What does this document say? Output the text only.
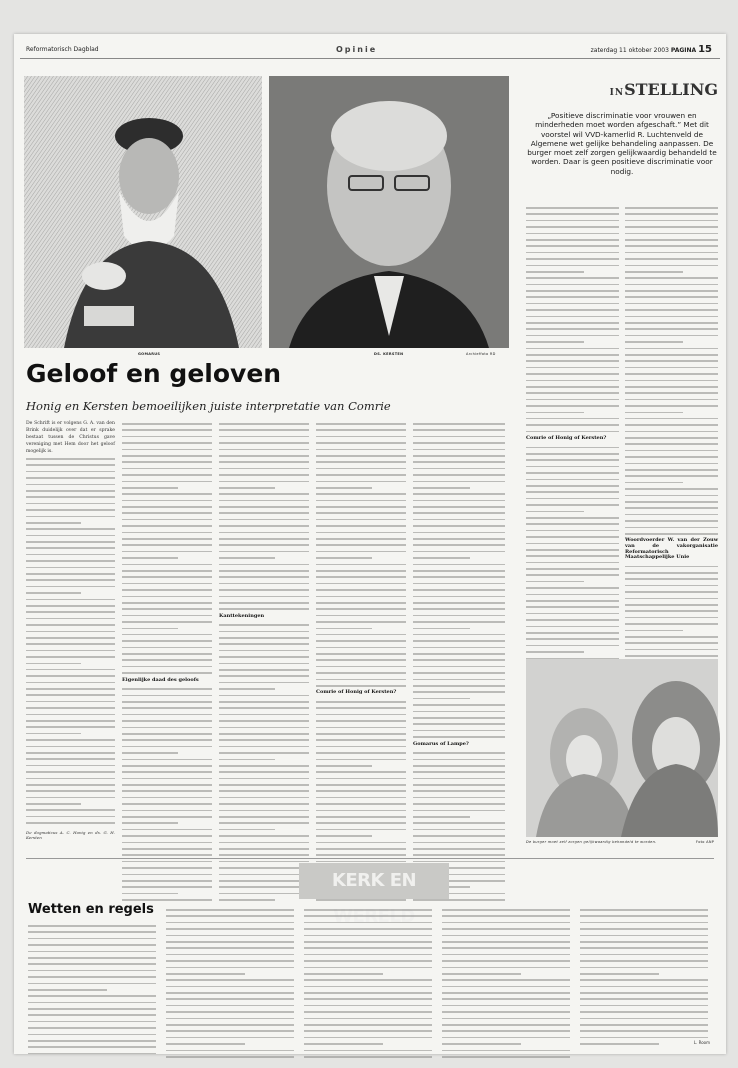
Reformatorisch Dagblad	Opinie	zaterdag 11 oktober 2003 PAGINA 15
GOMARUS	DS. KERSTEN	Archieffoto RD
INSTELLING
„Positieve discriminatie voor vrouwen en minderheden moet worden afgeschaft.” Met dit voorstel wil VVD-kamerlid R. Luchtenveld de Algemene wet gelijke behandeling aanpassen. De burger moet zelf zorgen gelijkwaardig behandeld te worden. Daar is geen positieve discriminatie voor nodig.
Geloof en geloven
Honig en Kersten bemoeilijken juiste interpretatie van Comrie
De Schrift is er volgens G. A. van den Brink duidelijk over dat er sprake bestaat tussen de Christus gave vereniging met Hem door het geloof mogelijk is.
De dogmaticus A. C. Honig en ds. G. H. Kersten
Eigenlijke daad des geloofs
Kanttekeningen
Comrie of Honig of Kersten?
Gomarus of Lampe?
Comrie of Honig of Kersten?
Woordvoerder W. van der Zouw van de vakorganisatie Reformatorisch Maatschappelijke Unie
De burger moet zelf zorgen gelijkwaardig behandeld te worden.	Foto ANP
KERK EN WERELD
Wetten en regels
L. Room
